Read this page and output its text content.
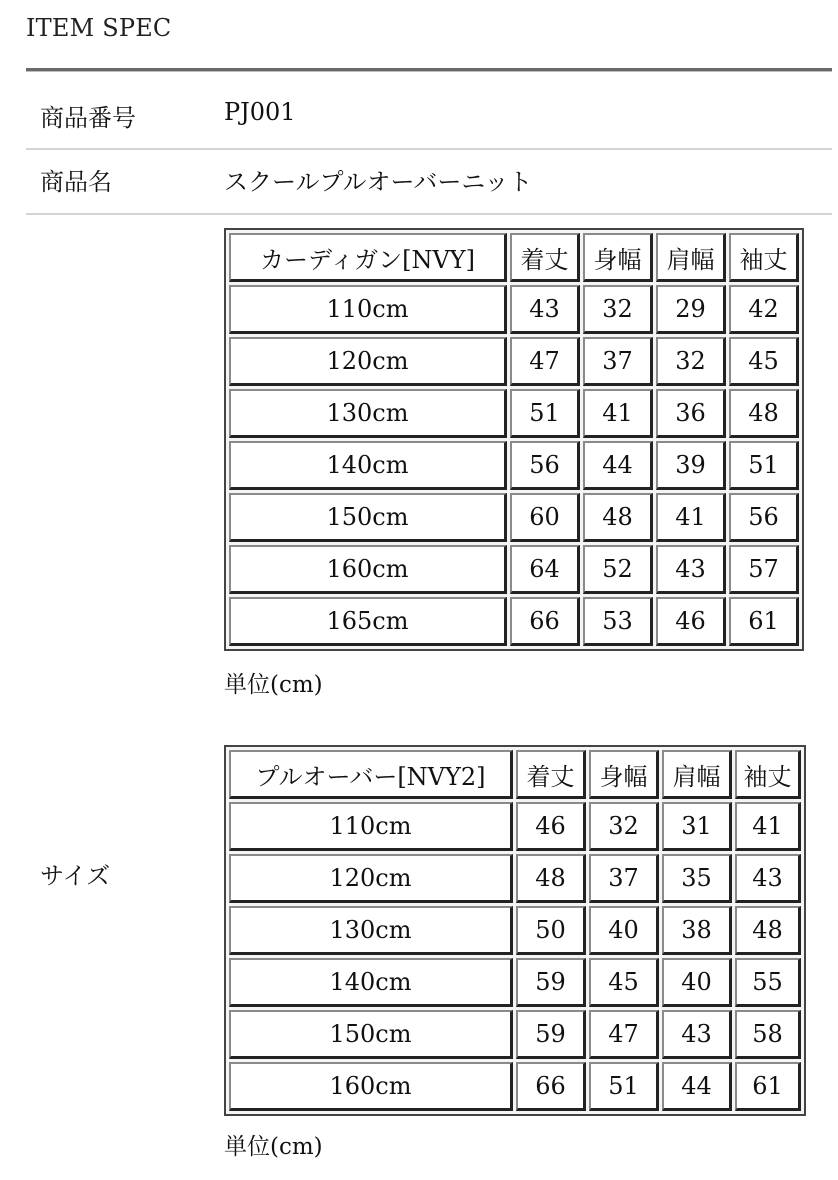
ITEM SPEC
商品番号	PJ001
商品名	スクールプルオーバーニット
サイズ
カーディガン[NVY]	着丈	身幅	肩幅	袖丈
110cm	43	32	29	42
120cm	47	37	32	45
130cm	51	41	36	48
140cm	56	44	39	51
150cm	60	48	41	56
160cm	64	52	43	57
165cm	66	53	46	61
単位(cm)
プルオーバー[NVY2]	着丈	身幅	肩幅	袖丈
110cm	46	32	31	41
120cm	48	37	35	43
130cm	50	40	38	48
140cm	59	45	40	55
150cm	59	47	43	58
160cm	66	51	44	61
単位(cm)
